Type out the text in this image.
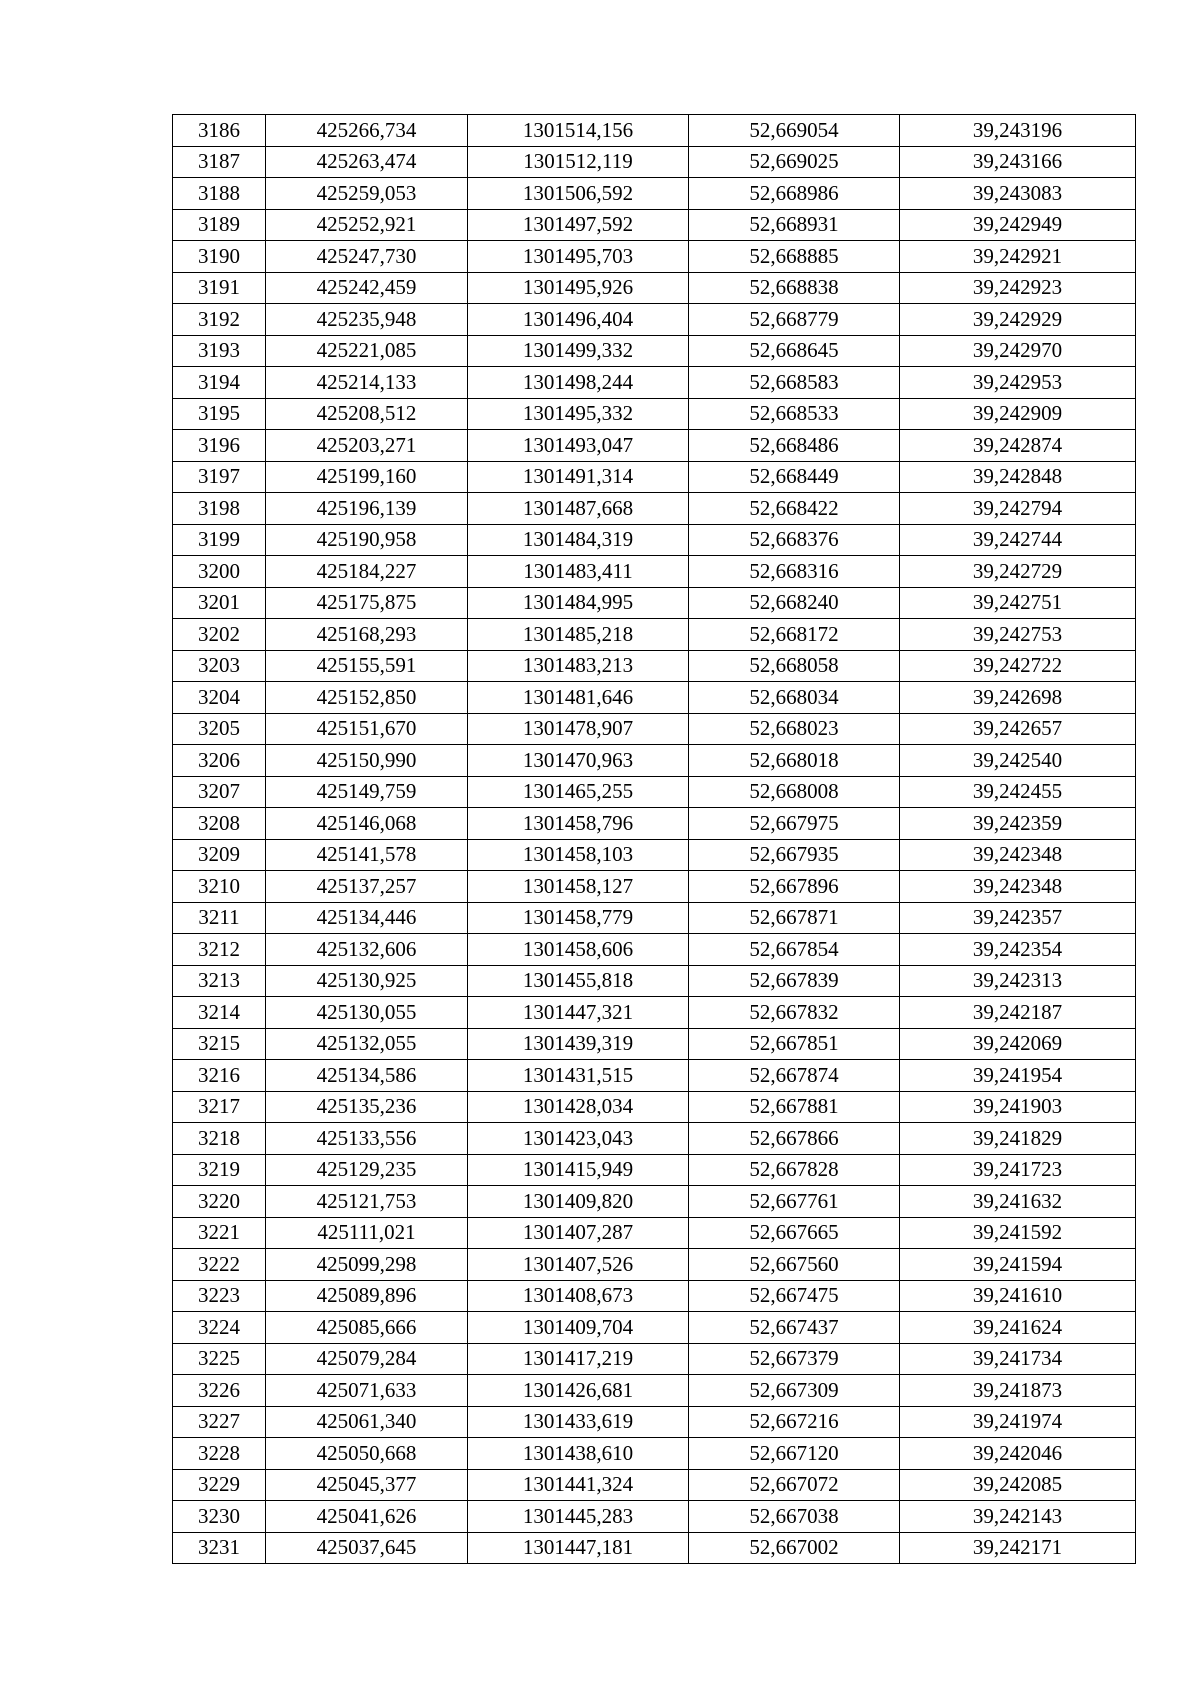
3186	425266,734	1301514,156	52,669054	39,243196
3187	425263,474	1301512,119	52,669025	39,243166
3188	425259,053	1301506,592	52,668986	39,243083
3189	425252,921	1301497,592	52,668931	39,242949
3190	425247,730	1301495,703	52,668885	39,242921
3191	425242,459	1301495,926	52,668838	39,242923
3192	425235,948	1301496,404	52,668779	39,242929
3193	425221,085	1301499,332	52,668645	39,242970
3194	425214,133	1301498,244	52,668583	39,242953
3195	425208,512	1301495,332	52,668533	39,242909
3196	425203,271	1301493,047	52,668486	39,242874
3197	425199,160	1301491,314	52,668449	39,242848
3198	425196,139	1301487,668	52,668422	39,242794
3199	425190,958	1301484,319	52,668376	39,242744
3200	425184,227	1301483,411	52,668316	39,242729
3201	425175,875	1301484,995	52,668240	39,242751
3202	425168,293	1301485,218	52,668172	39,242753
3203	425155,591	1301483,213	52,668058	39,242722
3204	425152,850	1301481,646	52,668034	39,242698
3205	425151,670	1301478,907	52,668023	39,242657
3206	425150,990	1301470,963	52,668018	39,242540
3207	425149,759	1301465,255	52,668008	39,242455
3208	425146,068	1301458,796	52,667975	39,242359
3209	425141,578	1301458,103	52,667935	39,242348
3210	425137,257	1301458,127	52,667896	39,242348
3211	425134,446	1301458,779	52,667871	39,242357
3212	425132,606	1301458,606	52,667854	39,242354
3213	425130,925	1301455,818	52,667839	39,242313
3214	425130,055	1301447,321	52,667832	39,242187
3215	425132,055	1301439,319	52,667851	39,242069
3216	425134,586	1301431,515	52,667874	39,241954
3217	425135,236	1301428,034	52,667881	39,241903
3218	425133,556	1301423,043	52,667866	39,241829
3219	425129,235	1301415,949	52,667828	39,241723
3220	425121,753	1301409,820	52,667761	39,241632
3221	425111,021	1301407,287	52,667665	39,241592
3222	425099,298	1301407,526	52,667560	39,241594
3223	425089,896	1301408,673	52,667475	39,241610
3224	425085,666	1301409,704	52,667437	39,241624
3225	425079,284	1301417,219	52,667379	39,241734
3226	425071,633	1301426,681	52,667309	39,241873
3227	425061,340	1301433,619	52,667216	39,241974
3228	425050,668	1301438,610	52,667120	39,242046
3229	425045,377	1301441,324	52,667072	39,242085
3230	425041,626	1301445,283	52,667038	39,242143
3231	425037,645	1301447,181	52,667002	39,242171
